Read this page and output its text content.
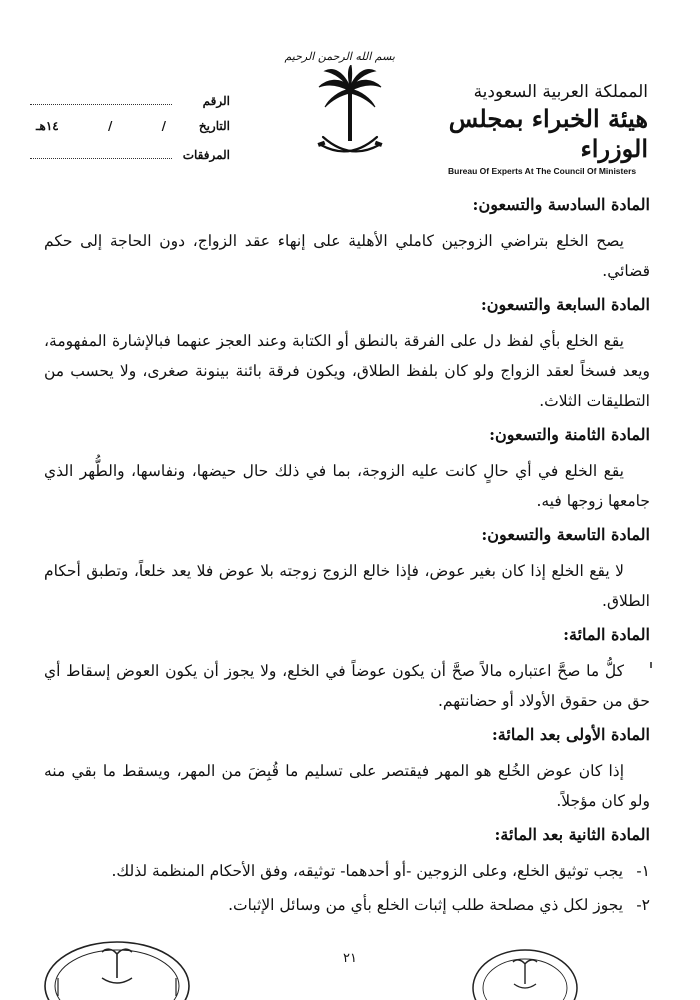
المملكة العربية السعودية
هيئة الخبراء بمجلس الوزراء
Bureau Of Experts At The Council Of Ministers
بسم الله الرحمن الرحيم
الرقم
التاريخ
/
/
١٤هـ
المرفقات
المادة السادسة والتسعون:

يصح الخلع بتراضي الزوجين كاملي الأهلية على إنهاء عقد الزواج، دون الحاجة إلى حكم قضائي.

المادة السابعة والتسعون:

يقع الخلع بأي لفظ دل على الفرقة بالنطق أو الكتابة وعند العجز عنهما فبالإشارة المفهومة، ويعد فسخاً لعقد الزواج ولو كان بلفظ الطلاق، ويكون فرقة بائنة بينونة صغرى، ولا يحسب من التطليقات الثلاث.

المادة الثامنة والتسعون:

يقع الخلع في أي حالٍ كانت عليه الزوجة، بما في ذلك حال حيضها، ونفاسها، والطُّهر الذي جامعها زوجها فيه.

المادة التاسعة والتسعون:

لا يقع الخلع إذا كان بغير عوض، فإذا خالع الزوج زوجته بلا عوض فلا يعد خلعاً، وتطبق أحكام الطلاق.

المادة المائة:

كلُّ ما صحَّ اعتباره مالاً صحَّ أن يكون عوضاً في الخلع، ولا يجوز أن يكون العوض إسقاط أي حق من حقوق الأولاد أو حضانتهم.

المادة الأولى بعد المائة:

إذا كان عوض الخُلع هو المهر فيقتصر على تسليم ما قُبِضَ من المهر، ويسقط ما بقي منه ولو كان مؤجلاً.

المادة الثانية بعد المائة:
١- يجب توثيق الخلع، وعلى الزوجين -أو أحدهما- توثيقه، وفق الأحكام المنظمة لذلك.
٢- يجوز لكل ذي مصلحة طلب إثبات الخلع بأي من وسائل الإثبات.
٢١
